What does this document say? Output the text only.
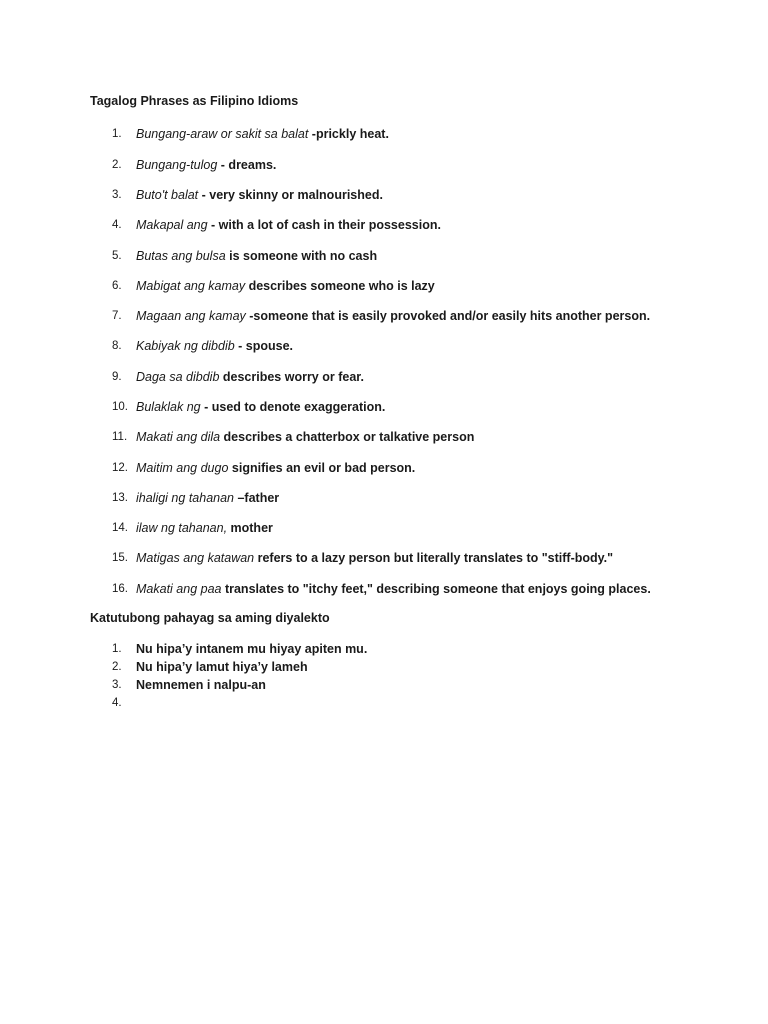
Tagalog Phrases as Filipino Idioms
1.	Bungang-araw or sakit sa balat -prickly heat.
2.	Bungang-tulog - dreams.
3.	Buto't balat - very skinny or malnourished.
4.	Makapal ang - with a lot of cash in their possession.
5.	Butas ang bulsa is someone with no cash
6.	Mabigat ang kamay describes someone who is lazy
7.	Magaan ang kamay -someone that is easily provoked and/or easily hits another person.
8.	Kabiyak ng dibdib - spouse.
9.	Daga sa dibdib describes worry or fear.
10. Bulaklak ng - used to denote exaggeration.
11. Makati ang dila describes a chatterbox or talkative person
12. Maitim ang dugo signifies an evil or bad person.
13. ihaligi ng tahanan –father
14. ilaw ng tahanan, mother
15. Matigas ang katawan refers to a lazy person but literally translates to "stiff-body."
16. Makati ang paa translates to "itchy feet," describing someone that enjoys going places.
Katutubong pahayag sa aming diyalekto
1.	Nu hipa’y intanem mu hiyay apiten mu.
2.	Nu hipa’y lamut hiya’y lameh
3.	Nemnemen i nalpu-an
4.
